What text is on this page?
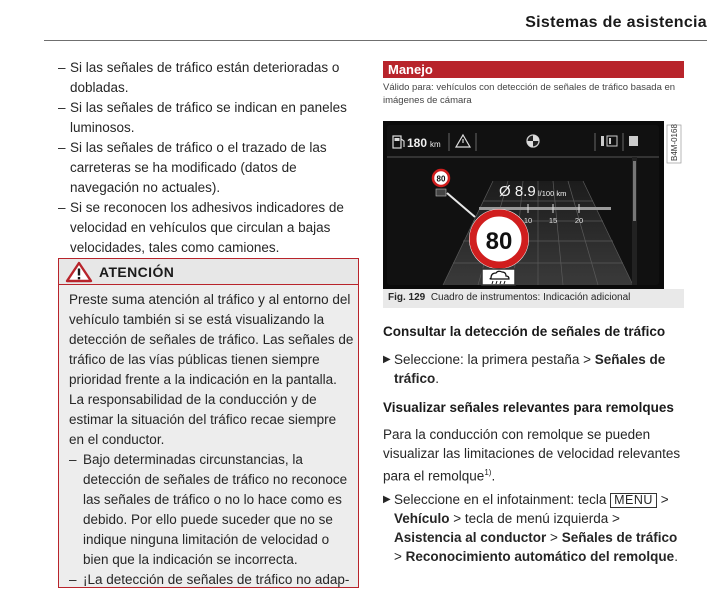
Sistemas de asistencia
– Si las señales de tráfico están deterioradas o dobladas.
– Si las señales de tráfico se indican en paneles luminosos.
– Si las señales de tráfico o el trazado de las carreteras se ha modificado (datos de navegación no actuales).
– Si se reconocen los adhesivos indicadores de velocidad en vehículos que circulan a bajas velocidades, tales como camiones.
ATENCIÓN

Preste suma atención al tráfico y al entorno del vehículo también si se está visualizando la detección de señales de tráfico. Las señales de tráfico de las vías públicas tienen siempre prioridad frente a la indicación en la pantalla. La responsabilidad de la conducción y de estimar la situación del tráfico recae siempre en el conductor.

– Bajo determinadas circunstancias, la detección de señales de tráfico no reconoce las señales de tráfico o no lo hace como es debido. Por ello puede suceder que no se indique ninguna limitación de velocidad o bien que la indicación se incorrecta.
– ¡La detección de señales de tráfico no adap-
Manejo
Válido para: vehículos con detección de señales de tráfico basada en imágenes de cámara
180 km
80
Ø 8.9 l/100 km
10 15 20
80
B4M-0168
Fig. 129 Cuadro de instrumentos: Indicación adicional
Consultar la detección de señales de tráfico
▶ Seleccione: la primera pestaña > Señales de tráfico.
Visualizar señales relevantes para remolques
Para la conducción con remolque se pueden visualizar las limitaciones de velocidad relevantes para el remolque$^{1)}$.
▶ Seleccione en el infotainment: tecla MENU > Vehículo > tecla de menú izquierda > Asistencia al conductor > Señales de tráfico > Reconocimiento automático del remolque.
